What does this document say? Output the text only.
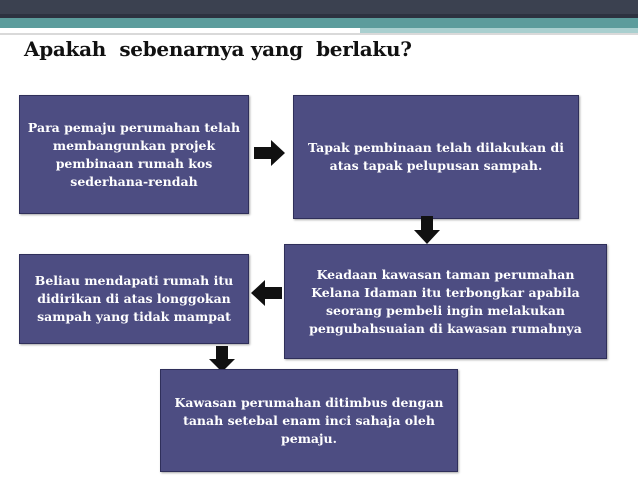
Apakah  sebenarnya yang  berlaku?
Para pemaju perumahan telah membangunkan projek pembinaan rumah kos sederhana-rendah
Tapak pembinaan telah dilakukan di atas tapak pelupusan sampah.
Keadaan kawasan taman perumahan Kelana Idaman itu terbongkar apabila seorang pembeli ingin melakukan pengubahsuaian di kawasan rumahnya
Beliau mendapati rumah itu didirikan di atas longgokan sampah yang tidak mampat
Kawasan perumahan ditimbus dengan tanah setebal enam inci sahaja oleh pemaju.
